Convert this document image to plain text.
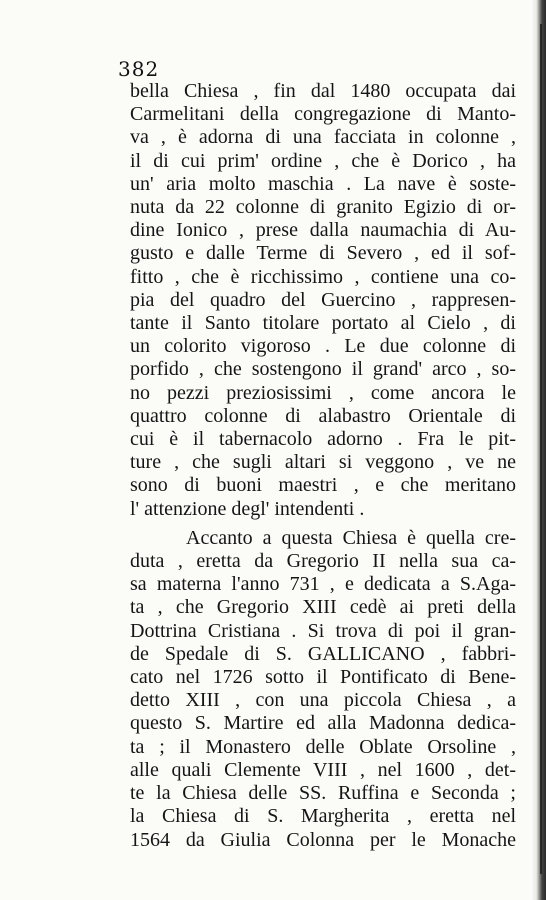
382
bella Chiesa , fin dal 1480 occupata dai
Carmelitani della congregazione di Manto-
va , è adorna di una facciata in colonne ,
il di cui prim' ordine , che è Dorico , ha
un' aria molto maschia . La nave è soste-
nuta da 22 colonne di granito Egizio di or-
dine Ionico , prese dalla naumachia di Au-
gusto e dalle Terme di Severo , ed il sof-
fitto , che è ricchissimo , contiene una co-
pia del quadro del Guercino , rappresen-
tante il Santo titolare portato al Cielo , di
un colorito vigoroso . Le due colonne di
porfido , che sostengono il grand' arco , so-
no pezzi preziosissimi , come ancora le
quattro colonne di alabastro Orientale di
cui è il tabernacolo adorno . Fra le pit-
ture , che sugli altari si veggono , ve ne
sono di buoni maestri , e che meritano
l' attenzione degl' intendenti .
Accanto a questa Chiesa è quella cre-
duta , eretta da Gregorio II nella sua ca-
sa materna l'anno 731 , e dedicata a S.Aga-
ta , che Gregorio XIII cedè ai preti della
Dottrina Cristiana . Si trova di poi il gran-
de Spedale di S. GALLICANO , fabbri-
cato nel 1726 sotto il Pontificato di Bene-
detto XIII , con una piccola Chiesa , a
questo S. Martire ed alla Madonna dedica-
ta ; il Monastero delle Oblate Orsoline ,
alle quali Clemente VIII , nel 1600 , det-
te la Chiesa delle SS. Ruffina e Seconda ;
la Chiesa di S. Margherita , eretta nel
1564 da Giulia Colonna per le Monache
